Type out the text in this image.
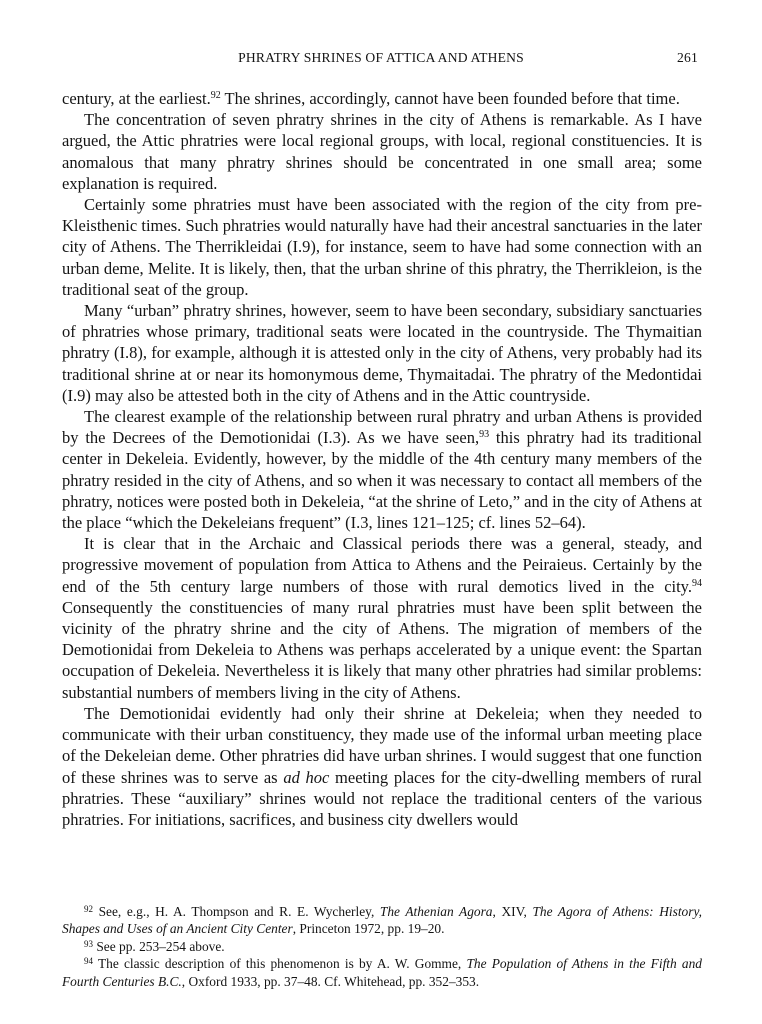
PHRATRY SHRINES OF ATTICA AND ATHENS	261

century, at the earliest.$^{92}$ The shrines, accordingly, cannot have been founded before that time.

The concentration of seven phratry shrines in the city of Athens is remarkable. As I have argued, the Attic phratries were local regional groups, with local, regional constituencies. It is anomalous that many phratry shrines should be concentrated in one small area; some explanation is required.

Certainly some phratries must have been associated with the region of the city from pre-Kleisthenic times. Such phratries would naturally have had their ancestral sanctuaries in the later city of Athens. The Therrikleidai (I.9), for instance, seem to have had some connection with an urban deme, Melite. It is likely, then, that the urban shrine of this phratry, the Therrikleion, is the traditional seat of the group.

Many “urban” phratry shrines, however, seem to have been secondary, subsidiary sanctuaries of phratries whose primary, traditional seats were located in the countryside. The Thymaitian phratry (I.8), for example, although it is attested only in the city of Athens, very probably had its traditional shrine at or near its homonymous deme, Thymaitadai. The phratry of the Medontidai (I.9) may also be attested both in the city of Athens and in the Attic countryside.

The clearest example of the relationship between rural phratry and urban Athens is provided by the Decrees of the Demotionidai (I.3). As we have seen,$^{93}$ this phratry had its traditional center in Dekeleia. Evidently, however, by the middle of the 4th century many members of the phratry resided in the city of Athens, and so when it was necessary to contact all members of the phratry, notices were posted both in Dekeleia, “at the shrine of Leto,” and in the city of Athens at the place “which the Dekeleians frequent” (I.3, lines 121–125; cf. lines 52–64).

It is clear that in the Archaic and Classical periods there was a general, steady, and progressive movement of population from Attica to Athens and the Peiraieus. Certainly by the end of the 5th century large numbers of those with rural demotics lived in the city.$^{94}$ Consequently the constituencies of many rural phratries must have been split between the vicinity of the phratry shrine and the city of Athens. The migration of members of the Demotionidai from Dekeleia to Athens was perhaps accelerated by a unique event: the Spartan occupation of Dekeleia. Nevertheless it is likely that many other phratries had similar problems: substantial numbers of members living in the city of Athens.

The Demotionidai evidently had only their shrine at Dekeleia; when they needed to communicate with their urban constituency, they made use of the informal urban meeting place of the Dekeleian deme. Other phratries did have urban shrines. I would suggest that one function of these shrines was to serve as ad hoc meeting places for the city-dwelling members of rural phratries. These “auxiliary” shrines would not replace the traditional centers of the various phratries. For initiations, sacrifices, and business city dwellers would

$^{92}$ See, e.g., H. A. Thompson and R. E. Wycherley, The Athenian Agora, XIV, The Agora of Athens: History, Shapes and Uses of an Ancient City Center, Princeton 1972, pp. 19–20.

$^{93}$ See pp. 253–254 above.

$^{94}$ The classic description of this phenomenon is by A. W. Gomme, The Population of Athens in the Fifth and Fourth Centuries B.C., Oxford 1933, pp. 37–48. Cf. Whitehead, pp. 352–353.
